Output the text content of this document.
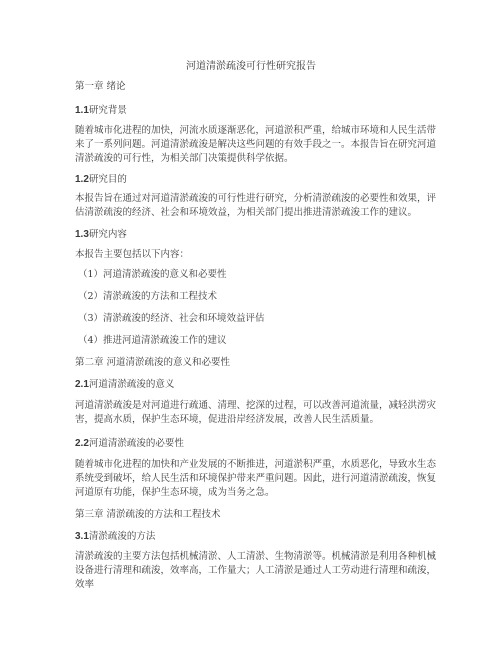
河道清淤疏浚可行性研究报告
第一章 绪论
1.1研究背景
随着城市化进程的加快，河流水质逐渐恶化，河道淤积严重，给城市环境和人民生活带来了一系列问题。河道清淤疏浚是解决这些问题的有效手段之一。本报告旨在研究河道清淤疏浚的可行性，为相关部门决策提供科学依据。
1.2研究目的
本报告旨在通过对河道清淤疏浚的可行性进行研究，分析清淤疏浚的必要性和效果，评估清淤疏浚的经济、社会和环境效益，为相关部门提出推进清淤疏浚工作的建议。
1.3研究内容
本报告主要包括以下内容：
（1）河道清淤疏浚的意义和必要性
（2）清淤疏浚的方法和工程技术
（3）清淤疏浚的经济、社会和环境效益评估
（4）推进河道清淤疏浚工作的建议
第二章 河道清淤疏浚的意义和必要性
2.1河道清淤疏浚的意义
河道清淤疏浚是对河道进行疏通、清理、挖深的过程，可以改善河道流量，减轻洪涝灾害，提高水质，保护生态环境，促进沿岸经济发展，改善人民生活质量。
2.2河道清淤疏浚的必要性
随着城市化进程的加快和产业发展的不断推进，河道淤积严重，水质恶化，导致水生态系统受到破坏，给人民生活和环境保护带来严重问题。因此，进行河道清淤疏浚，恢复河道原有功能，保护生态环境，成为当务之急。
第三章 清淤疏浚的方法和工程技术
3.1清淤疏浚的方法
清淤疏浚的主要方法包括机械清淤、人工清淤、生物清淤等。机械清淤是利用各种机械设备进行清理和疏浚，效率高，工作量大；人工清淤是通过人工劳动进行清理和疏浚，效率
